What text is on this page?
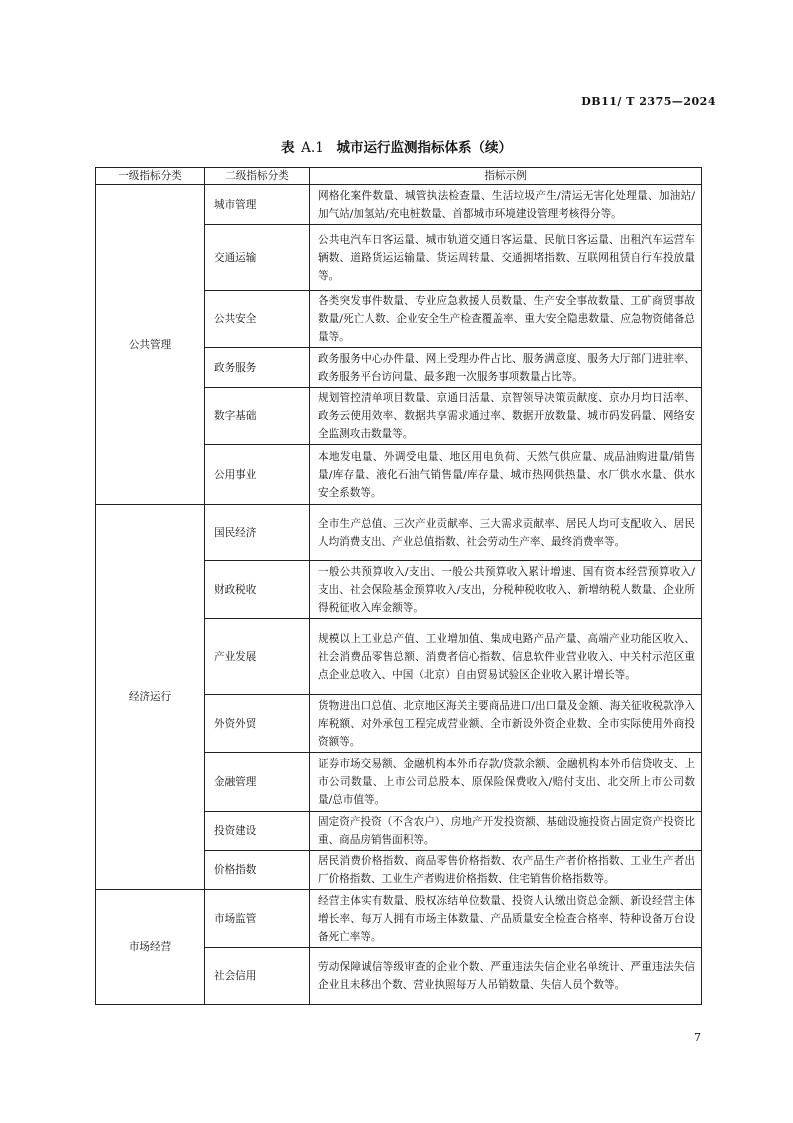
DB11/ T 2375—2024
表 A.1 城市运行监测指标体系（续）
一级指标分类	二级指标分类	指标示例
公共管理	城市管理	网格化案件数量、城管执法检查量、生活垃圾产生/清运无害化处理量、加油站/加气站/加氢站/充电桩数量、首都城市环境建设管理考核得分等。
	交通运输	公共电汽车日客运量、城市轨道交通日客运量、民航日客运量、出租汽车运营车辆数、道路货运运输量、货运周转量、交通拥堵指数、互联网租赁自行车投放量等。
	公共安全	各类突发事件数量、专业应急救援人员数量、生产安全事故数量、工矿商贸事故数量/死亡人数、企业安全生产检查覆盖率、重大安全隐患数量、应急物资储备总量等。
	政务服务	政务服务中心办件量、网上受理办件占比、服务满意度、服务大厅部门进驻率、政务服务平台访问量、最多跑一次服务事项数量占比等。
	数字基础	规划管控清单项目数量、京通日活量、京智领导决策贡献度、京办月均日活率、政务云使用效率、数据共享需求通过率、数据开放数量、城市码发码量、网络安全监测攻击数量等。
	公用事业	本地发电量、外调受电量、地区用电负荷、天然气供应量、成品油购进量/销售量/库存量、液化石油气销售量/库存量、城市热网供热量、水厂供水水量、供水安全系数等。
经济运行	国民经济	全市生产总值、三次产业贡献率、三大需求贡献率、居民人均可支配收入、居民人均消费支出、产业总值指数、社会劳动生产率、最终消费率等。
	财政税收	一般公共预算收入/支出、一般公共预算收入累计增速、国有资本经营预算收入/支出、社会保险基金预算收入/支出，分税种税收收入、新增纳税人数量、企业所得税征收入库金额等。
	产业发展	规模以上工业总产值、工业增加值、集成电路产品产量、高端产业功能区收入、社会消费品零售总额、消费者信心指数、信息软件业营业收入、中关村示范区重点企业总收入、中国（北京）自由贸易试验区企业收入累计增长等。
	外资外贸	货物进出口总值、北京地区海关主要商品进口/出口量及金额、海关征收税款净入库税额、对外承包工程完成营业额、全市新设外资企业数、全市实际使用外商投资额等。
	金融管理	证券市场交易额、金融机构本外币存款/贷款余额、金融机构本外币信贷收支、上市公司数量、上市公司总股本、原保险保费收入/赔付支出、北交所上市公司数量/总市值等。
	投资建设	固定资产投资（不含农户）、房地产开发投资额、基础设施投资占固定资产投资比重、商品房销售面积等。
	价格指数	居民消费价格指数、商品零售价格指数、农产品生产者价格指数、工业生产者出厂价格指数、工业生产者购进价格指数、住宅销售价格指数等。
市场经营	市场监管	经营主体实有数量、股权冻结单位数量、投资人认缴出资总金额、新设经营主体增长率、每万人拥有市场主体数量、产品质量安全检查合格率、特种设备万台设备死亡率等。
	社会信用	劳动保障诚信等级审查的企业个数、严重违法失信企业名单统计、严重违法失信企业且未移出个数、营业执照每万人吊销数量、失信人员个数等。
7
